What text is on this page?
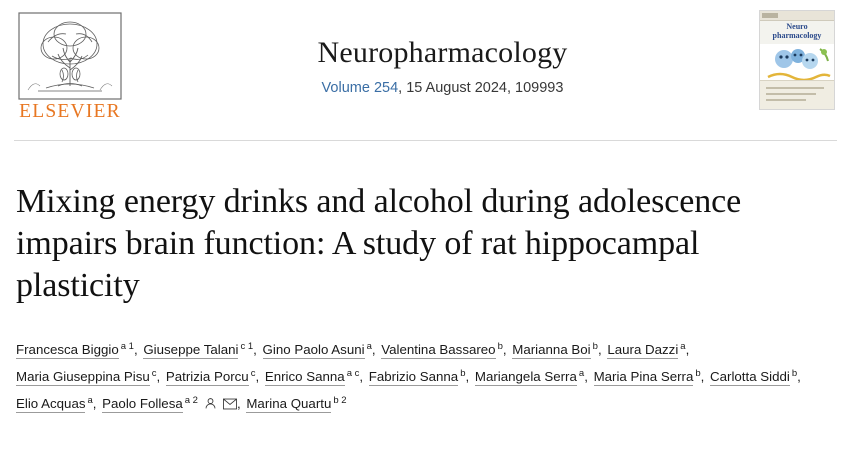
ELSEVIER
Neuropharmacology
Volume 254, 15 August 2024, 109993
Neuro
pharmacology
Mixing energy drinks and alcohol during adolescence impairs brain function: A study of rat hippocampal plasticity
Francesca Biggio $^{a 1}$, Giuseppe Talani $^{c 1}$, Gino Paolo Asuni $^a$, Valentina Bassareo $^b$, Marianna Boi $^b$, Laura Dazzi $^a$, Maria Giuseppina Pisu $^c$, Patrizia Porcu $^c$, Enrico Sanna $^{a c}$, Fabrizio Sanna $^b$, Mariangela Serra $^a$, Maria Pina Serra $^b$, Carlotta Siddi $^b$, Elio Acquas $^a$, Paolo Follesa $^{a 2}$	, Marina Quartu $^{b 2}$
